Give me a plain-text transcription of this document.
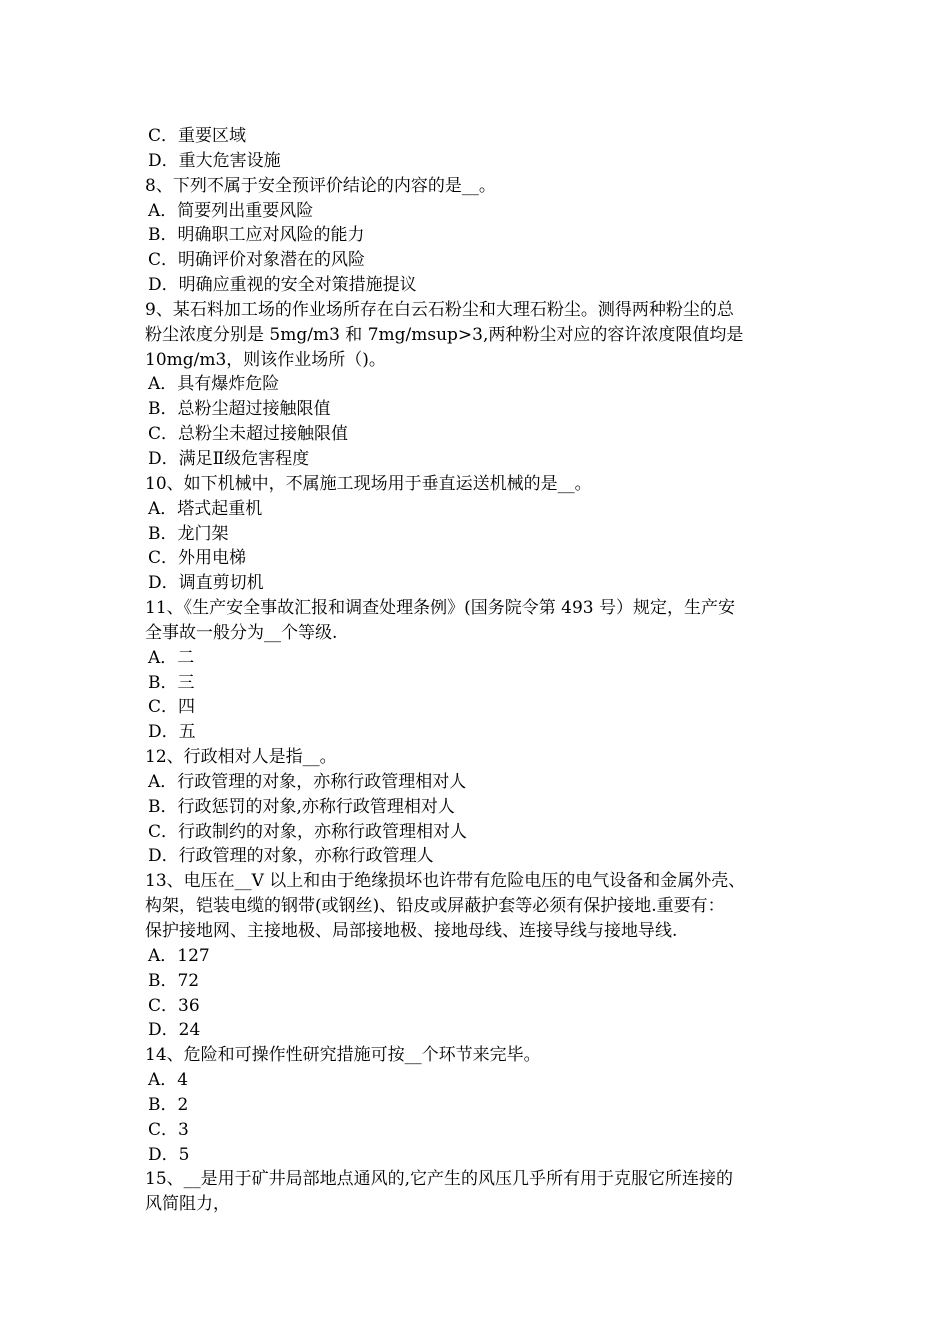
C．重要区域
D．重大危害设施
8、下列不属于安全预评价结论的内容的是__。
A．简要列出重要风险
B．明确职工应对风险的能力
C．明确评价对象潜在的风险
D．明确应重视的安全对策措施提议
9、某石料加工场的作业场所存在白云石粉尘和大理石粉尘。测得两种粉尘的总
粉尘浓度分别是 5mg/m3 和 7mg/msup>3,两种粉尘对应的容许浓度限值均是
10mg/m3，则该作业场所（)。
A．具有爆炸危险
B．总粉尘超过接触限值
C．总粉尘未超过接触限值
D．满足Ⅱ级危害程度
10、如下机械中，不属施工现场用于垂直运送机械的是__。
A．塔式起重机
B．龙门架
C．外用电梯
D．调直剪切机
11、《生产安全事故汇报和调查处理条例》(国务院令第 493 号）规定，生产安
全事故一般分为__个等级.
A．二
B．三
C．四
D．五
12、行政相对人是指__。
A．行政管理的对象，亦称行政管理相对人
B．行政惩罚的对象,亦称行政管理相对人
C．行政制约的对象，亦称行政管理相对人
D．行政管理的对象，亦称行政管理人
13、电压在__V 以上和由于绝缘损坏也许带有危险电压的电气设备和金属外壳、
构架，铠装电缆的钢带(或钢丝)、铅皮或屏蔽护套等必须有保护接地.重要有：
保护接地网、主接地极、局部接地极、接地母线、连接导线与接地导线.
A．127
B．72
C．36
D．24
14、危险和可操作性研究措施可按__个环节来完毕。
A．4
B．2
C．3
D．5
15、__是用于矿井局部地点通风的,它产生的风压几乎所有用于克服它所连接的
风简阻力，
